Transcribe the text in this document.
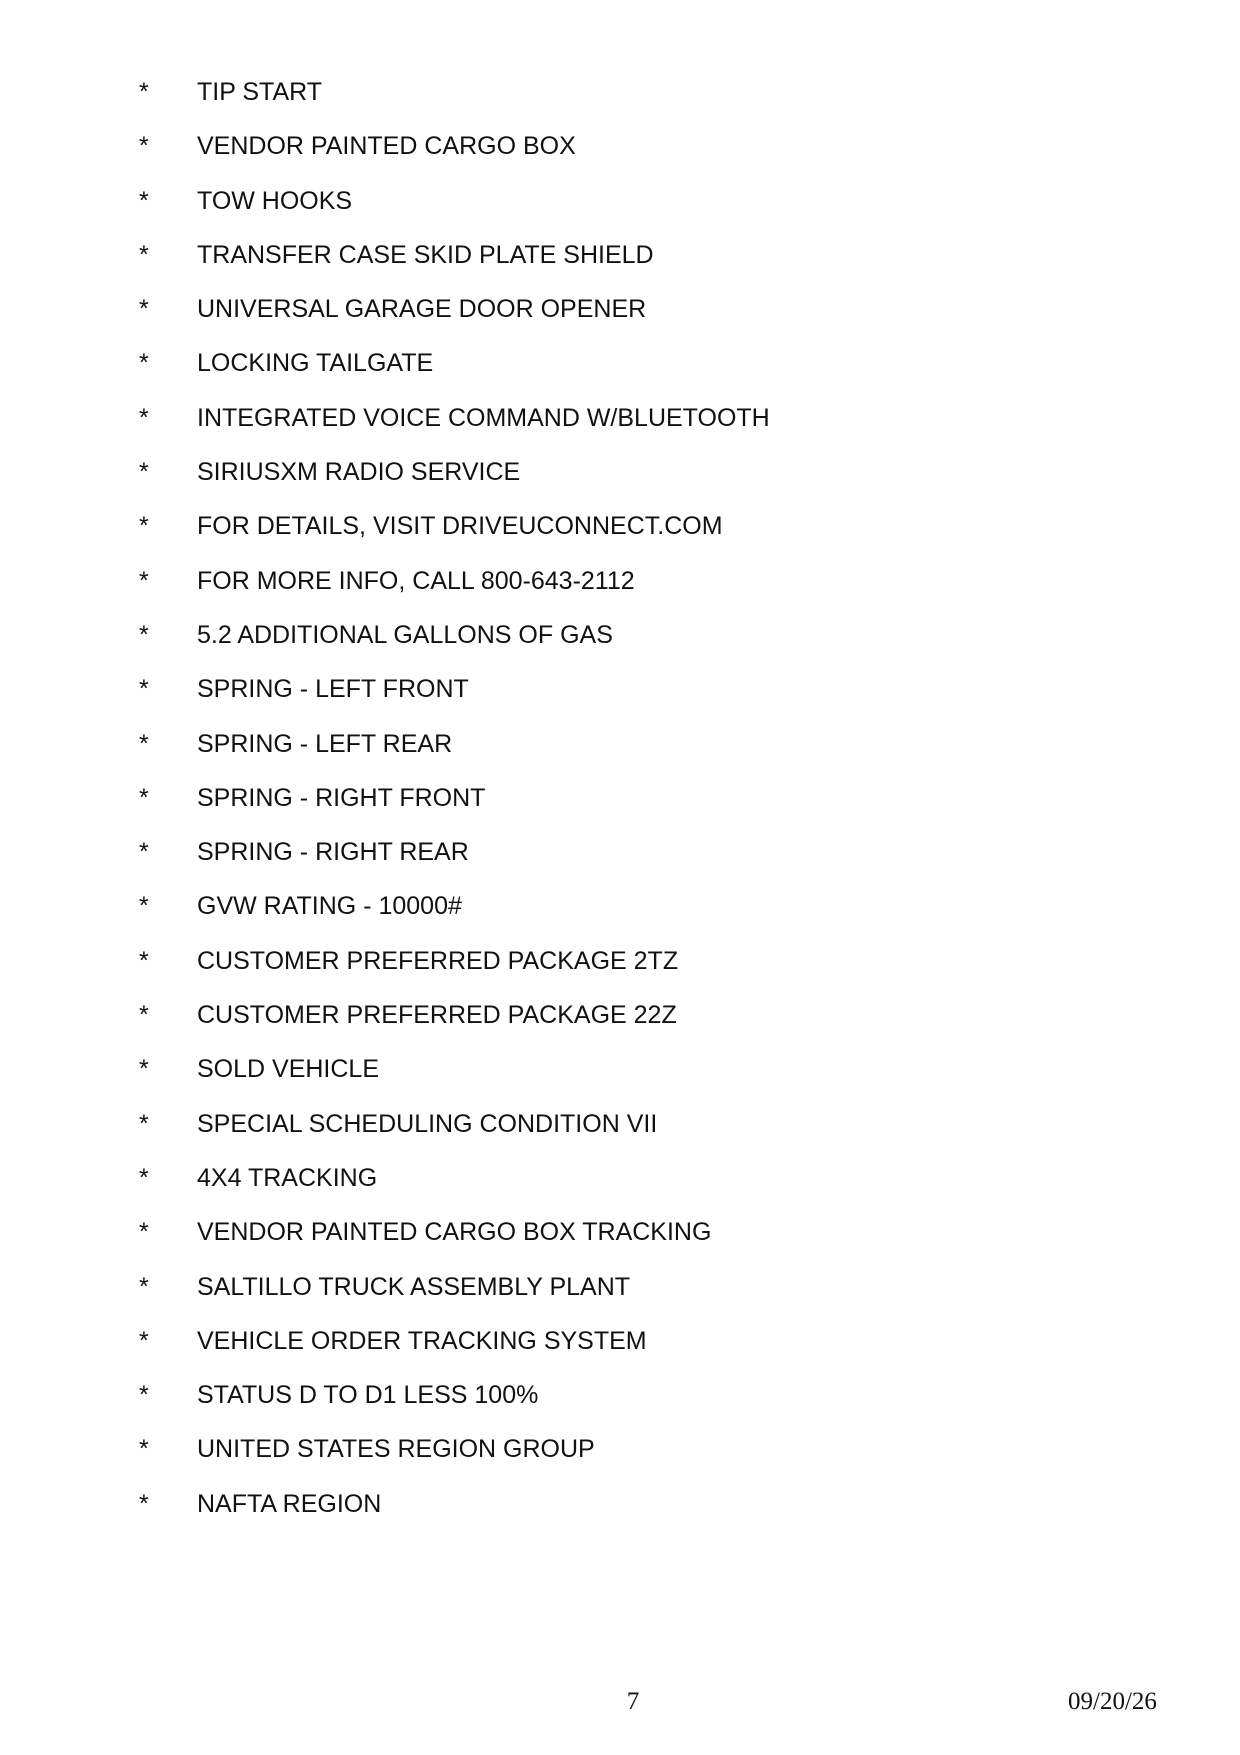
*	TIP START
*	VENDOR PAINTED CARGO BOX
*	TOW HOOKS
*	TRANSFER CASE SKID PLATE SHIELD
*	UNIVERSAL GARAGE DOOR OPENER
*	LOCKING TAILGATE
*	INTEGRATED VOICE COMMAND W/BLUETOOTH
*	SIRIUSXM RADIO SERVICE
*	FOR DETAILS, VISIT DRIVEUCONNECT.COM
*	FOR MORE INFO, CALL 800-643-2112
*	5.2 ADDITIONAL GALLONS OF GAS
*	SPRING - LEFT FRONT
*	SPRING - LEFT REAR
*	SPRING - RIGHT FRONT
*	SPRING - RIGHT REAR
*	GVW RATING - 10000#
*	CUSTOMER PREFERRED PACKAGE 2TZ
*	CUSTOMER PREFERRED PACKAGE 22Z
*	SOLD VEHICLE
*	SPECIAL SCHEDULING CONDITION VII
*	4X4 TRACKING
*	VENDOR PAINTED CARGO BOX TRACKING
*	SALTILLO TRUCK ASSEMBLY PLANT
*	VEHICLE ORDER TRACKING SYSTEM
*	STATUS D TO D1 LESS 100%
*	UNITED STATES REGION GROUP
*	NAFTA REGION
7	09/20/26
